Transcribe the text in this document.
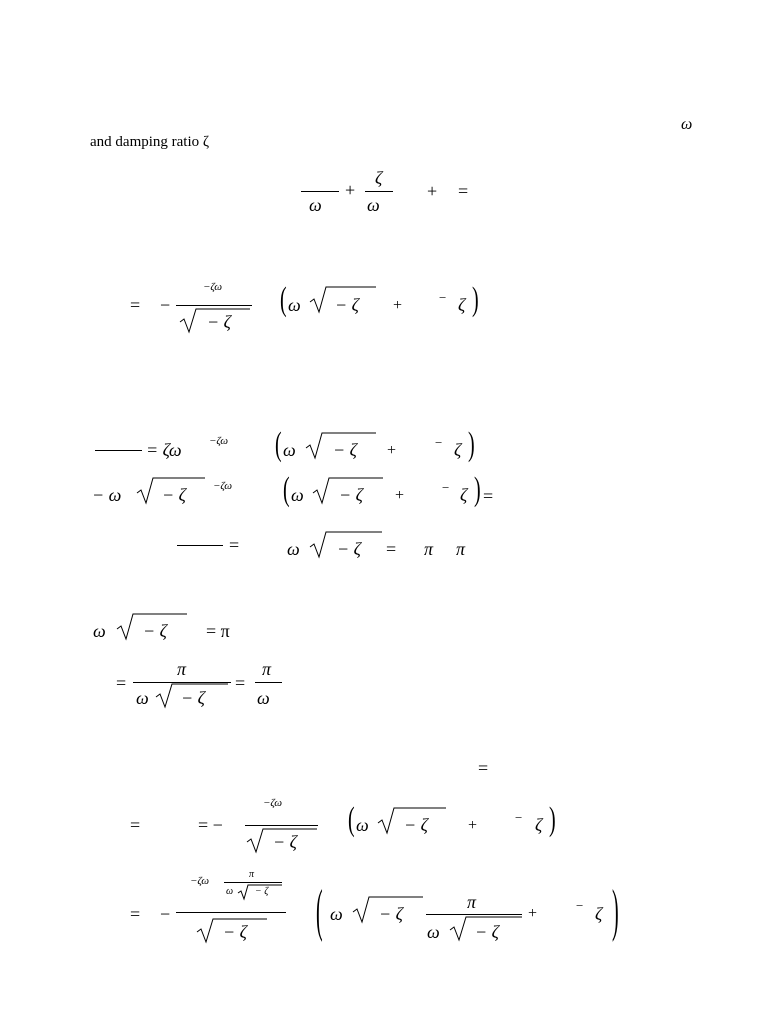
ω
and damping ratio ζ
ω
+
ζ
ω
+ =
= −
−ζω
− ζ
( ω − ζ +	− ζ )
= ζω −ζω ( ω − ζ +	− ζ )
− ω − ζ −ζω	( ω − ζ +	− ζ ) =
=	ω − ζ = π π
ω − ζ = π
=
π
ω − ζ
=
π
ω
=
=	= −
−ζω
− ζ
( ω − ζ	+	− ζ )
= −
−ζω
π
ω − ζ
− ζ	( ω − ζ
π
ω − ζ
+	− ζ )
